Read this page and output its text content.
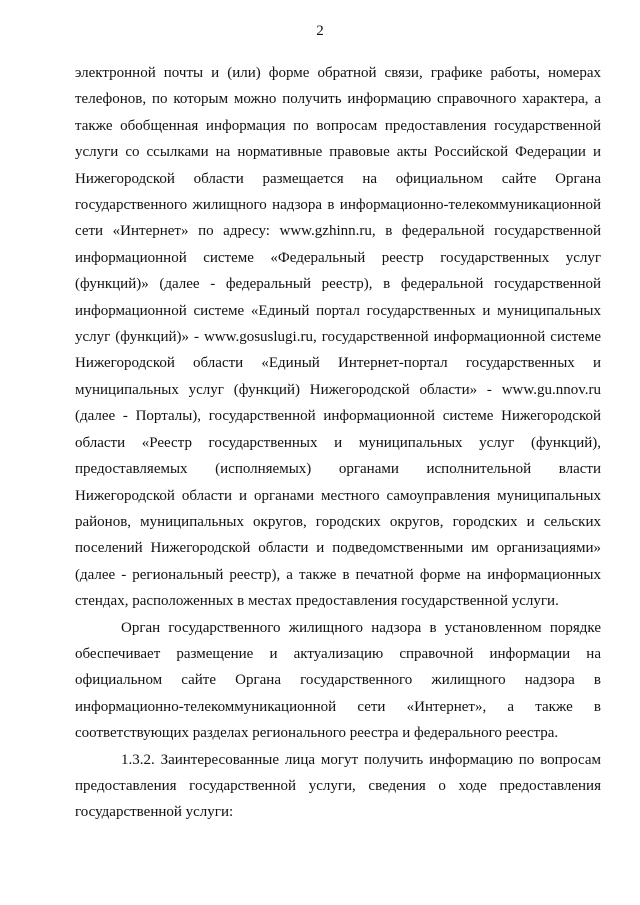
2
электронной почты и (или) форме обратной связи, графике работы, номерах
телефонов, по которым можно получить информацию справочного характера, а
также обобщенная информация по вопросам предоставления государственной
услуги со ссылками на нормативные правовые акты Российской Федерации и
Нижегородской области размещается на официальном сайте Органа
государственного жилищного надзора в информационно-телекоммуникационной
сети «Интернет» по адресу: www.gzhinn.ru, в федеральной государственной
информационной системе «Федеральный реестр государственных услуг
(функций)» (далее - федеральный реестр), в федеральной государственной
информационной системе «Единый портал государственных и муниципальных
услуг (функций)» - www.gosuslugi.ru, государственной информационной системе
Нижегородской области «Единый Интернет-портал государственных и
муниципальных услуг (функций) Нижегородской области» - www.gu.nnov.ru
(далее - Порталы), государственной информационной системе Нижегородской
области «Реестр государственных и муниципальных услуг (функций),
предоставляемых (исполняемых) органами исполнительной власти
Нижегородской области и органами местного самоуправления муниципальных
районов, муниципальных округов, городских округов, городских и сельских
поселений Нижегородской области и подведомственными им организациями»
(далее - региональный реестр), а также в печатной форме на информационных
стендах, расположенных в местах предоставления государственной услуги.
Орган государственного жилищного надзора в установленном порядке
обеспечивает размещение и актуализацию справочной информации на
официальном сайте Органа государственного жилищного надзора в
информационно-телекоммуникационной сети «Интернет», а также в
соответствующих разделах регионального реестра и федерального реестра.
1.3.2. Заинтересованные лица могут получить информацию по вопросам
предоставления государственной услуги, сведения о ходе предоставления
государственной услуги:
